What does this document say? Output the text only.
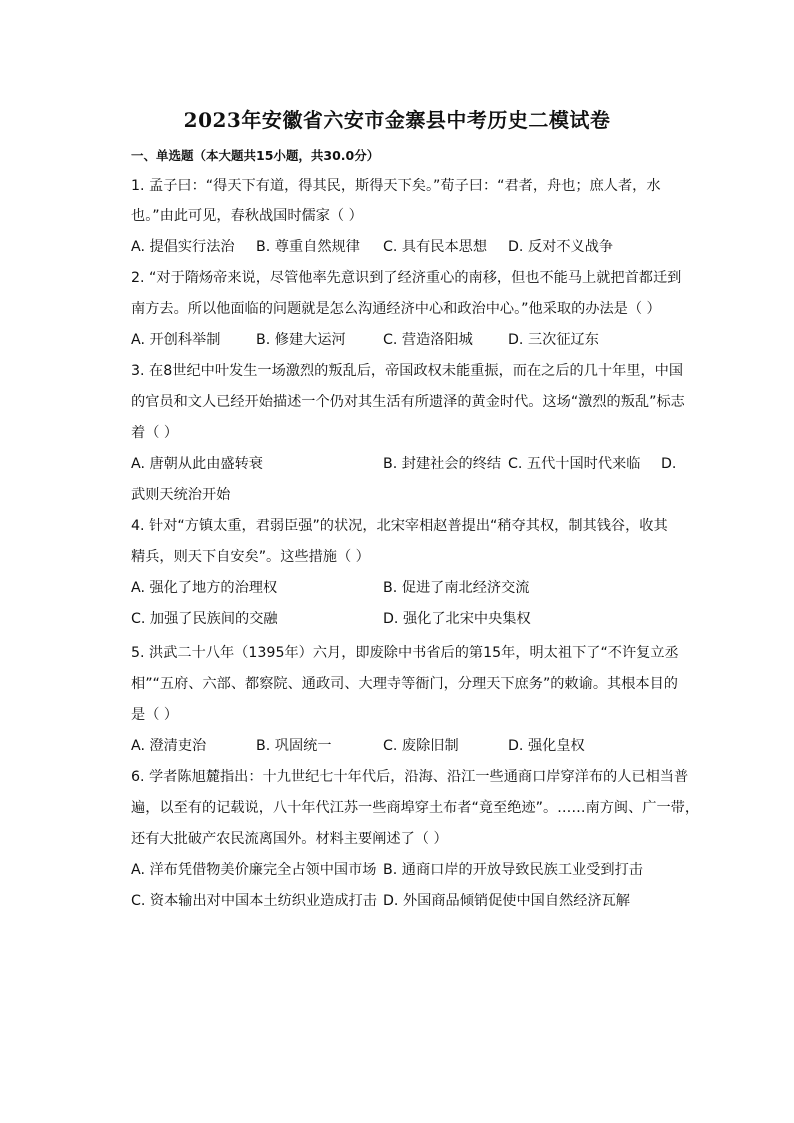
2023年安徽省六安市金寨县中考历史二模试卷
一、单选题（本大题共15小题，共30.0分）
1. 孟子曰：“得天下有道，得其民，斯得天下矣。”荀子曰：“君者，舟也；庶人者，水
也。”由此可见，春秋战国时儒家（ ）
A. 提倡实行法治 B. 尊重自然规律 C. 具有民本思想 D. 反对不义战争
2. “对于隋炀帝来说，尽管他率先意识到了经济重心的南移，但也不能马上就把首都迁到
南方去。所以他面临的问题就是怎么沟通经济中心和政治中心。”他采取的办法是（ ）
A. 开创科举制	B. 修建大运河	C. 营造洛阳城 D. 三次征辽东
3. 在8世纪中叶发生一场激烈的叛乱后，帝国政权未能重振，而在之后的几十年里，中国
的官员和文人已经开始描述一个仍对其生活有所遗泽的黄金时代。这场“激烈的叛乱”标志
着（ ）
A. 唐朝从此由盛转衰	B. 封建社会的终结 C. 五代十国时代来临 D.
武则天统治开始
4. 针对“方镇太重，君弱臣强”的状况，北宋宰相赵普提出“稍夺其权，制其钱谷，收其
精兵，则天下自安矣”。这些措施（ ）
A. 强化了地方的治理权	B. 促进了南北经济交流
C. 加强了民族间的交融	D. 强化了北宋中央集权
5. 洪武二十八年（1395年）六月，即废除中书省后的第15年，明太祖下了“不许复立丞
相”“五府、六部、都察院、通政司、大理寺等衙门，分理天下庶务”的敕谕。其根本目的
是（ ）
A. 澄清吏治	B. 巩固统一	C. 废除旧制	D. 强化皇权
6. 学者陈旭麓指出：十九世纪七十年代后，沿海、沿江一些通商口岸穿洋布的人已相当普
遍，以至有的记载说，八十年代江苏一些商埠穿土布者“竟至绝迹”。……南方闽、广一带，
还有大批破产农民流离国外。材料主要阐述了（ ）
A. 洋布凭借物美价廉完全占领中国市场 B. 通商口岸的开放导致民族工业受到打击
C. 资本输出对中国本土纺织业造成打击 D. 外国商品倾销促使中国自然经济瓦解
